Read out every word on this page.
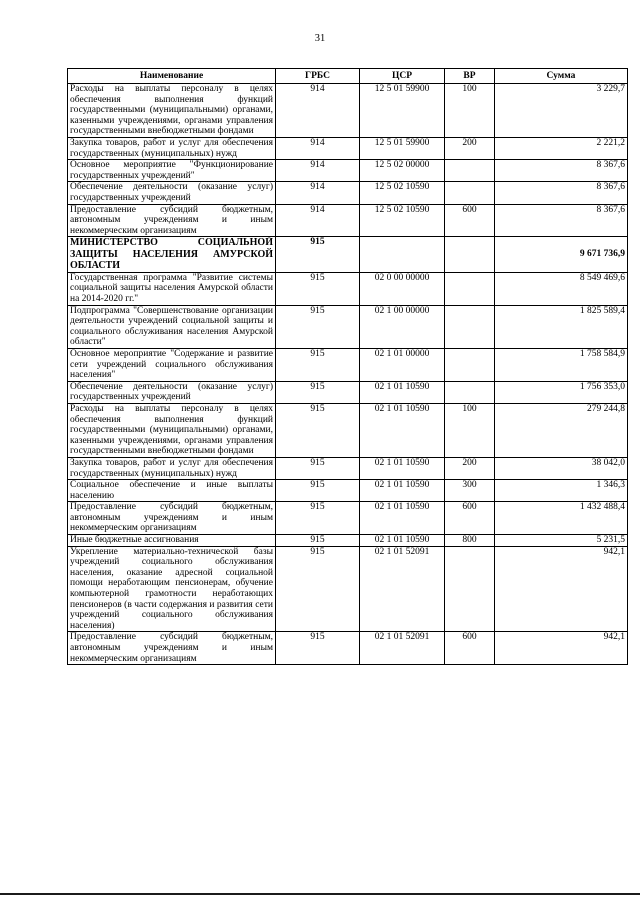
31
Наименование	ГРБС	ЦСР	ВР	Сумма
Расходы на выплаты персоналу в целях обеспечения выполнения функций государственными (муниципальными) органами, казенными учреждениями, органами управления государственными внебюджетными фондами	914	12 5 01 59900	100	3 229,7
Закупка товаров, работ и услуг для обеспечения государственных (муниципальных) нужд	914	12 5 01 59900	200	2 221,2
Основное мероприятие "Функционирование государственных учреждений"	914	12 5 02 00000		8 367,6
Обеспечение деятельности (оказание услуг) государственных учреждений	914	12 5 02 10590		8 367,6
Предоставление субсидий бюджетным, автономным учреждениям и иным некоммерческим организациям	914	12 5 02 10590	600	8 367,6
МИНИСТЕРСТВО СОЦИАЛЬНОЙ ЗАЩИТЫ НАСЕЛЕНИЯ АМУРСКОЙ ОБЛАСТИ	915			9 671 736,9
Государственная программа "Развитие системы социальной защиты населения Амурской области на 2014-2020 гг."	915	02 0 00 00000		8 549 469,6
Подпрограмма "Совершенствование организации деятельности учреждений социальной защиты и социального обслуживания населения Амурской области"	915	02 1 00 00000		1 825 589,4
Основное мероприятие "Содержание и развитие сети учреждений социального обслуживания населения"	915	02 1 01 00000		1 758 584,9
Обеспечение деятельности (оказание услуг) государственных учреждений	915	02 1 01 10590		1 756 353,0
Расходы на выплаты персоналу в целях обеспечения выполнения функций государственными (муниципальными) органами, казенными учреждениями, органами управления государственными внебюджетными фондами	915	02 1 01 10590	100	279 244,8
Закупка товаров, работ и услуг для обеспечения государственных (муниципальных) нужд	915	02 1 01 10590	200	38 042,0
Социальное обеспечение и иные выплаты населению	915	02 1 01 10590	300	1 346,3
Предоставление субсидий бюджетным, автономным учреждениям и иным некоммерческим организациям	915	02 1 01 10590	600	1 432 488,4
Иные бюджетные ассигнования	915	02 1 01 10590	800	5 231,5
Укрепление материально-технической базы учреждений социального обслуживания населения, оказание адресной социальной помощи неработающим пенсионерам, обучение компьютерной грамотности неработающих пенсионеров (в части содержания и развития сети учреждений социального обслуживания населения)	915	02 1 01 52091		942,1
Предоставление субсидий бюджетным, автономным учреждениям и иным некоммерческим организациям	915	02 1 01 52091	600	942,1
